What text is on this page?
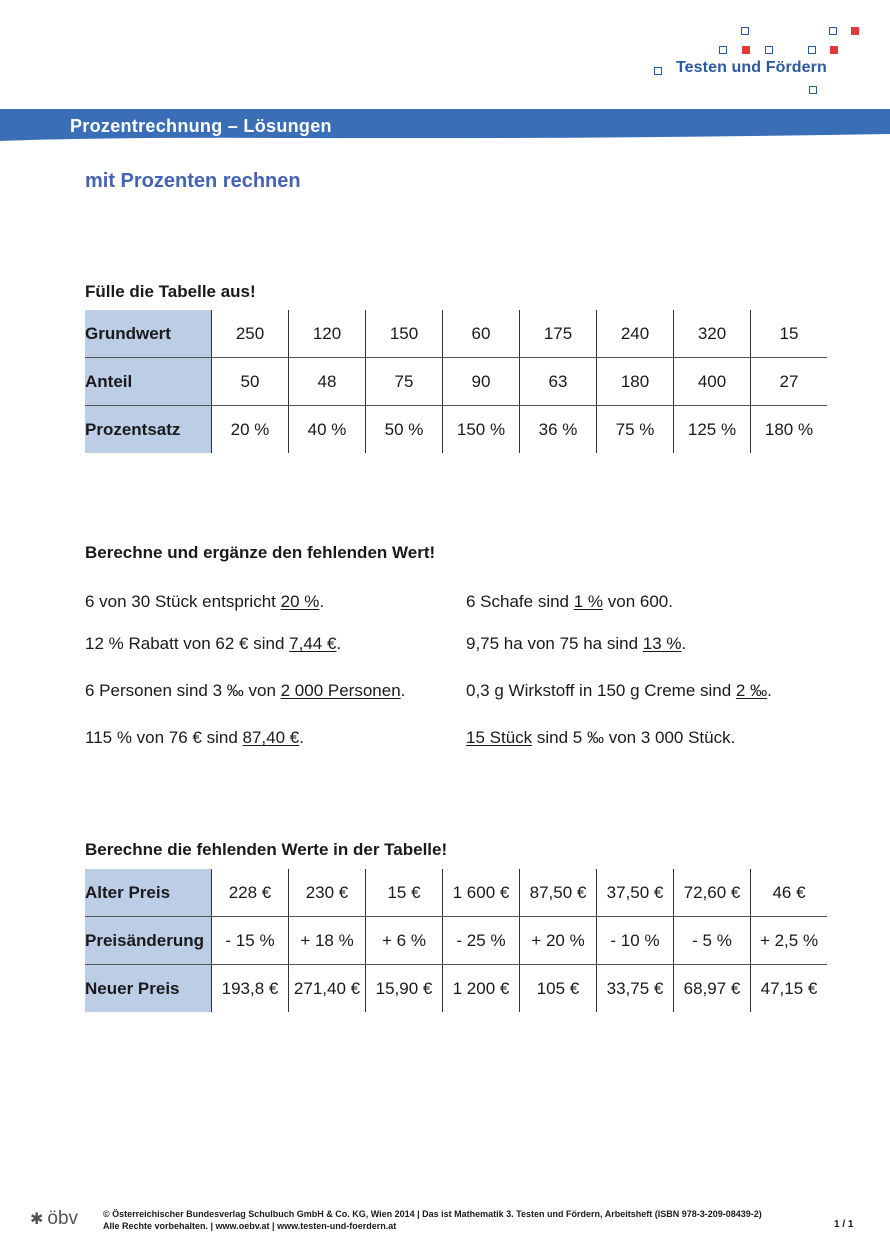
Testen und Fördern
Prozentrechnung – Lösungen
mit Prozenten rechnen
Fülle die Tabelle aus!
Grundwert	250	120	150	60	175	240	320	15
Anteil	50	48	75	90	63	180	400	27
Prozentsatz	20 %	40 %	50 %	150 %	36 %	75 %	125 %	180 %
Berechne und ergänze den fehlenden Wert!
6 von 30 Stück entspricht 20 %.
12 % Rabatt von 62 € sind 7,44 €.
6 Personen sind 3 ‰ von 2 000 Personen.
115 % von 76 € sind 87,40 €.
6 Schafe sind 1 % von 600.
9,75 ha von 75 ha sind 13 %.
0,3 g Wirkstoff in 150 g Creme sind 2 ‰.
15 Stück sind 5 ‰ von 3 000 Stück.
Berechne die fehlenden Werte in der Tabelle!
Alter Preis	228 €	230 €	15 €	1 600 €	87,50 €	37,50 €	72,60 €	46 €
Preisänderung	- 15 %	+ 18 %	+ 6 %	- 25 %	+ 20 %	- 10 %	- 5 %	+ 2,5 %
Neuer Preis	193,8 €	271,40 €	15,90 €	1 200 €	105 €	33,75 €	68,97 €	47,15 €
✱ öbv	© Österreichischer Bundesverlag Schulbuch GmbH & Co. KG, Wien 2014 | Das ist Mathematik 3. Testen und Fördern, Arbeitsheft (ISBN 978-3-209-08439-2)
Alle Rechte vorbehalten. | www.oebv.at | www.testen-und-foerdern.at	1 / 1
